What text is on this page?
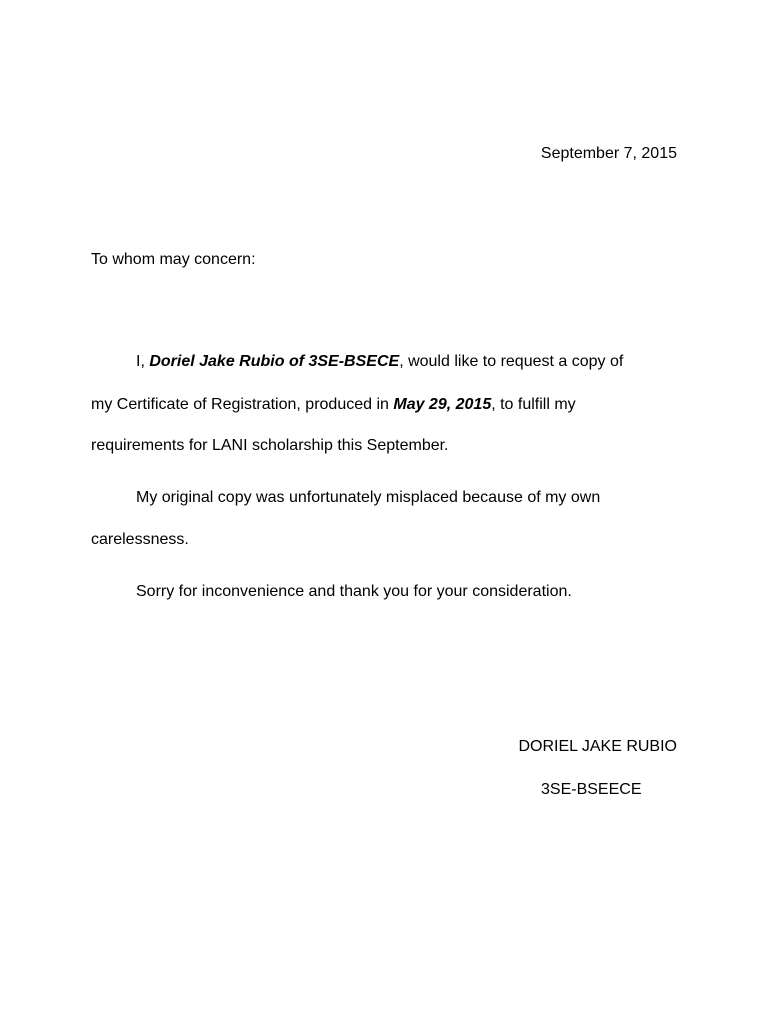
September 7, 2015
To whom may concern:
I, Doriel Jake Rubio of 3SE-BSECE, would like to request a copy of
my Certificate of Registration, produced in May 29, 2015, to fulfill my
requirements for LANI scholarship this September.
My original copy was unfortunately misplaced because of my own
carelessness.
Sorry for inconvenience and thank you for your consideration.
DORIEL JAKE RUBIO
3SE-BSEECE
